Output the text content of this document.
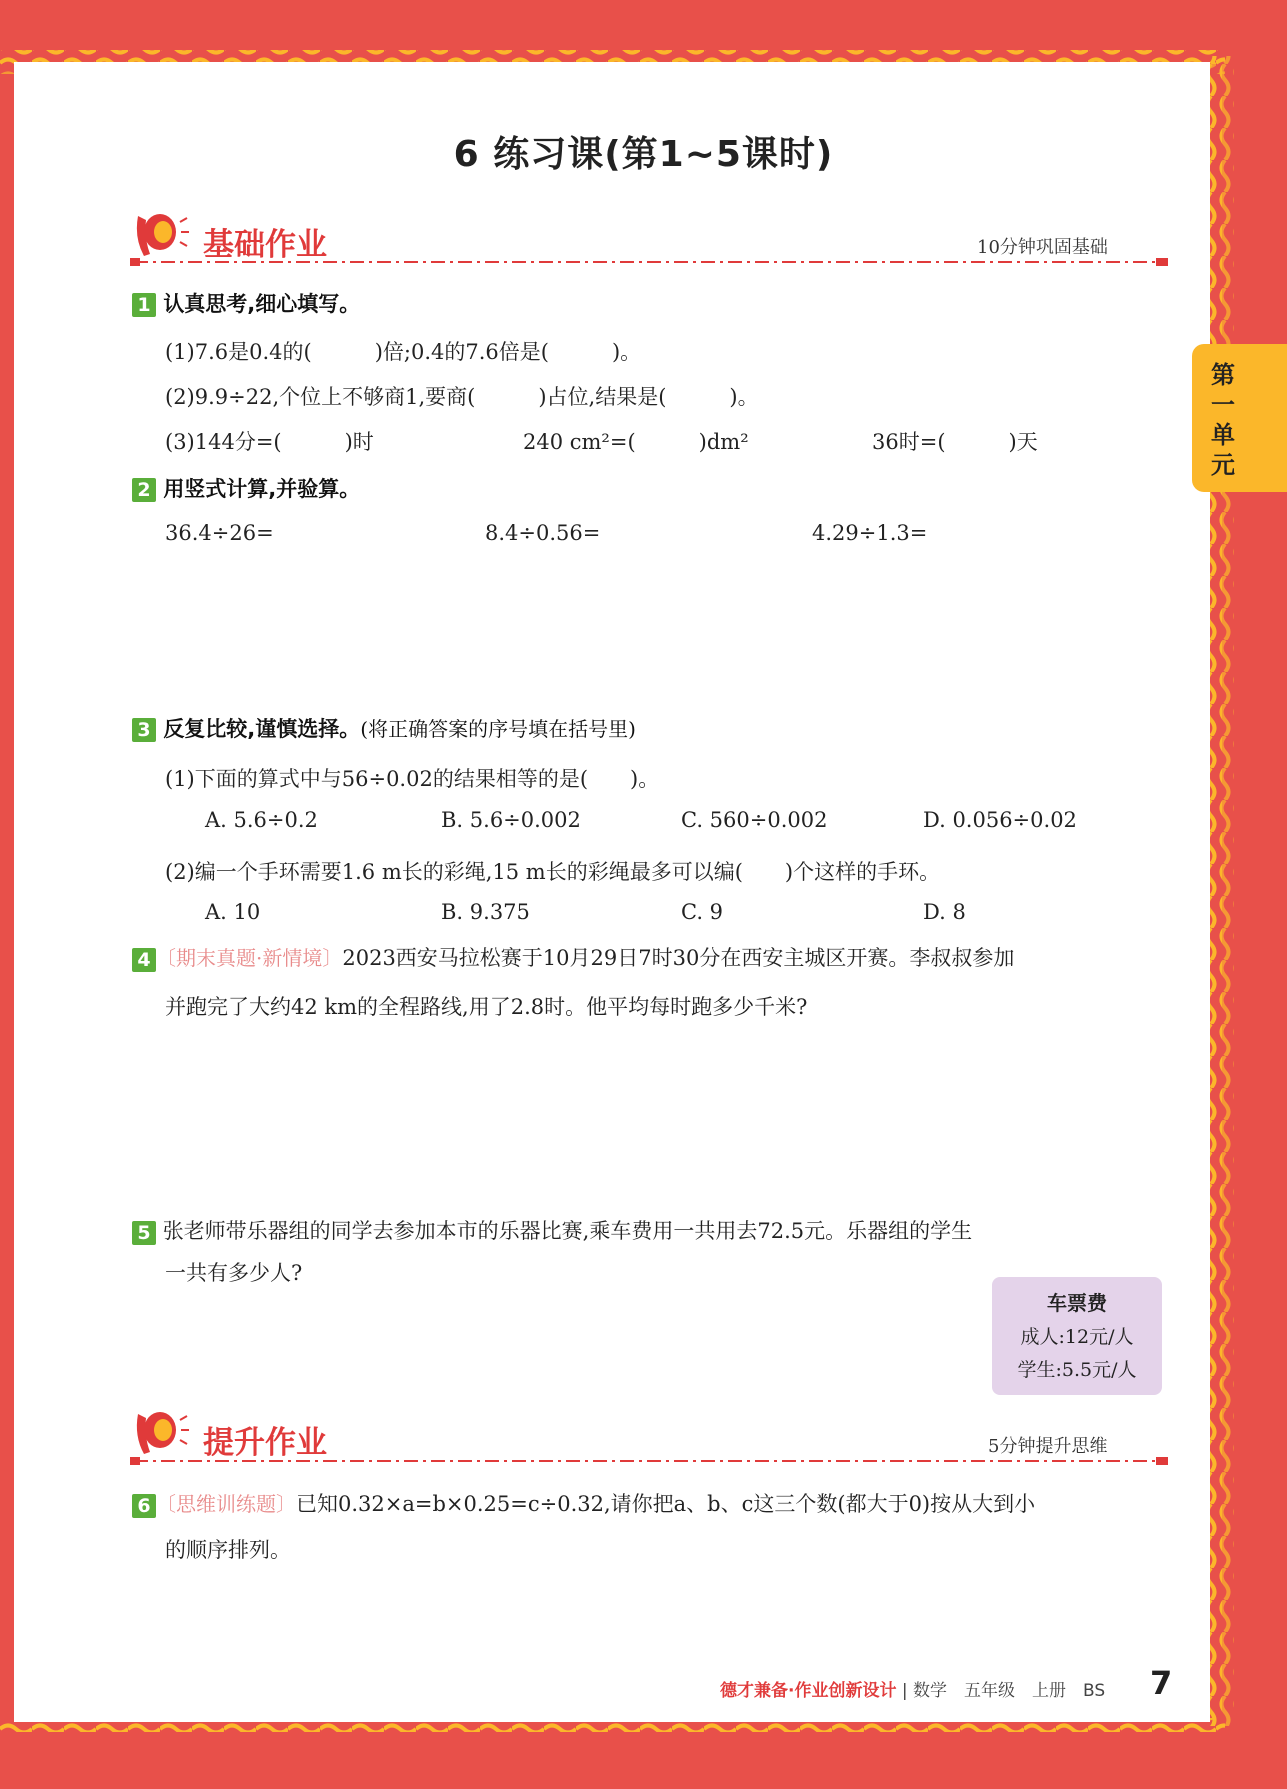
6 练习课(第1~5课时)
第一单元
基础作业	10分钟巩固基础
1 认真思考,细心填写。
(1)7.6是0.4的(　　　)倍;0.4的7.6倍是(　　　)。
(2)9.9÷22,个位上不够商1,要商(　　　)占位,结果是(　　　)。
(3)144分=(　　　)时	240 cm²=(　　　)dm²	36时=(　　　)天
2 用竖式计算,并验算。
36.4÷26=	8.4÷0.56=	4.29÷1.3=
3 反复比较,谨慎选择。(将正确答案的序号填在括号里)
(1)下面的算式中与56÷0.02的结果相等的是(　　)。
A. 5.6÷0.2	B. 5.6÷0.002	C. 560÷0.002	D. 0.056÷0.02
(2)编一个手环需要1.6 m长的彩绳,15 m长的彩绳最多可以编(　　)个这样的手环。
A. 10	B. 9.375	C. 9	D. 8
4 〔期末真题·新情境〕2023西安马拉松赛于10月29日7时30分在西安主城区开赛。李叔叔参加
并跑完了大约42 km的全程路线,用了2.8时。他平均每时跑多少千米?
5 张老师带乐器组的同学去参加本市的乐器比赛,乘车费用一共用去72.5元。乐器组的学生
一共有多少人?
车票费
成人:12元/人
学生:5.5元/人
提升作业	5分钟提升思维
6 〔思维训练题〕已知0.32×a=b×0.25=c÷0.32,请你把a、b、c这三个数(都大于0)按从大到小
的顺序排列。
德才兼备·作业创新设计 | 数学　五年级　上册　BS 7
